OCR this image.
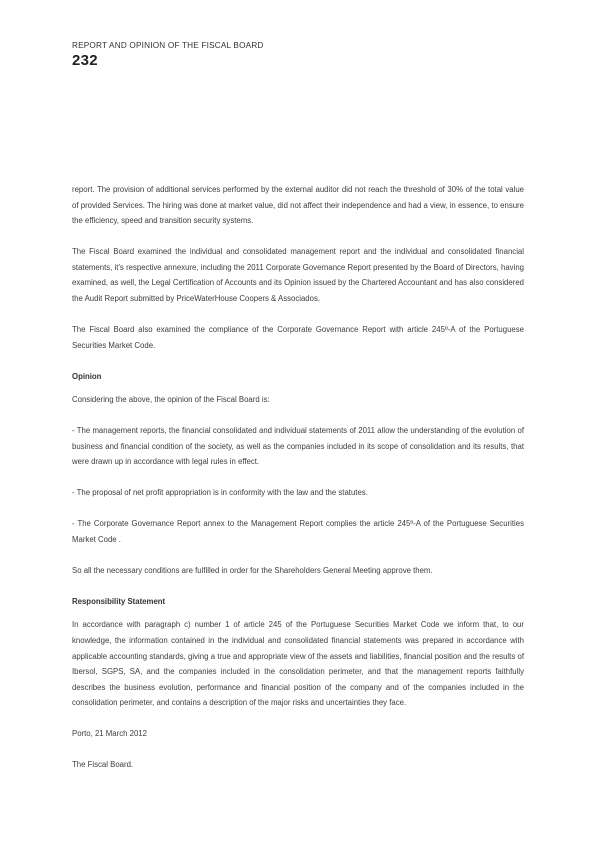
REPORT AND OPINION OF THE FISCAL BOARD
232

report. The provision of additional services performed by the external auditor did not reach the threshold of 30% of the total value of provided Services. The hiring was done at market value, did not affect their independence and had a view, in essence, to ensure the efficiency, speed and transition security systems.

The Fiscal Board examined the individual and consolidated management report and the individual and consolidated financial statements, it's respective annexure, including the 2011 Corporate Governance Report presented by the Board of Directors, having examined, as well, the Legal Certification of Accounts and its Opinion issued by the Chartered Accountant and has also considered the Audit Report submitted by PriceWaterHouse Coopers & Associados.

The Fiscal Board also examined the compliance of the Corporate Governance Report with article 245º-A of the Portuguese Securities Market Code.

Opinion

Considering the above, the opinion of the Fiscal Board is:

- The management reports, the financial consolidated and individual statements of 2011 allow the understanding of the evolution of business and financial condition of the society, as well as the companies included in its scope of consolidation and its results, that were drawn up in accordance with legal rules in effect.

- The proposal of net profit appropriation is in conformity with the law and the statutes.

- The Corporate Governance Report annex to the Management Report complies the article 245º-A of the Portuguese Securities Market Code .

So all the necessary conditions are fulfilled in order for the Shareholders General Meeting approve them.

Responsibility Statement

In accordance with paragraph c) number 1 of article 245 of the Portuguese Securities Market Code we inform that, to our knowledge, the information contained in the individual and consolidated financial statements was prepared in accordance with applicable accounting standards, giving a true and appropriate view of the assets and liabilities, financial position and the results of Ibersol, SGPS, SA, and the companies included in the consolidation perimeter, and that the management reports faithfully describes the business evolution, performance and financial position of the company and of the companies included in the consolidation perimeter, and contains a description of the major risks and uncertainties they face.

Porto, 21 March 2012

The Fiscal Board.
